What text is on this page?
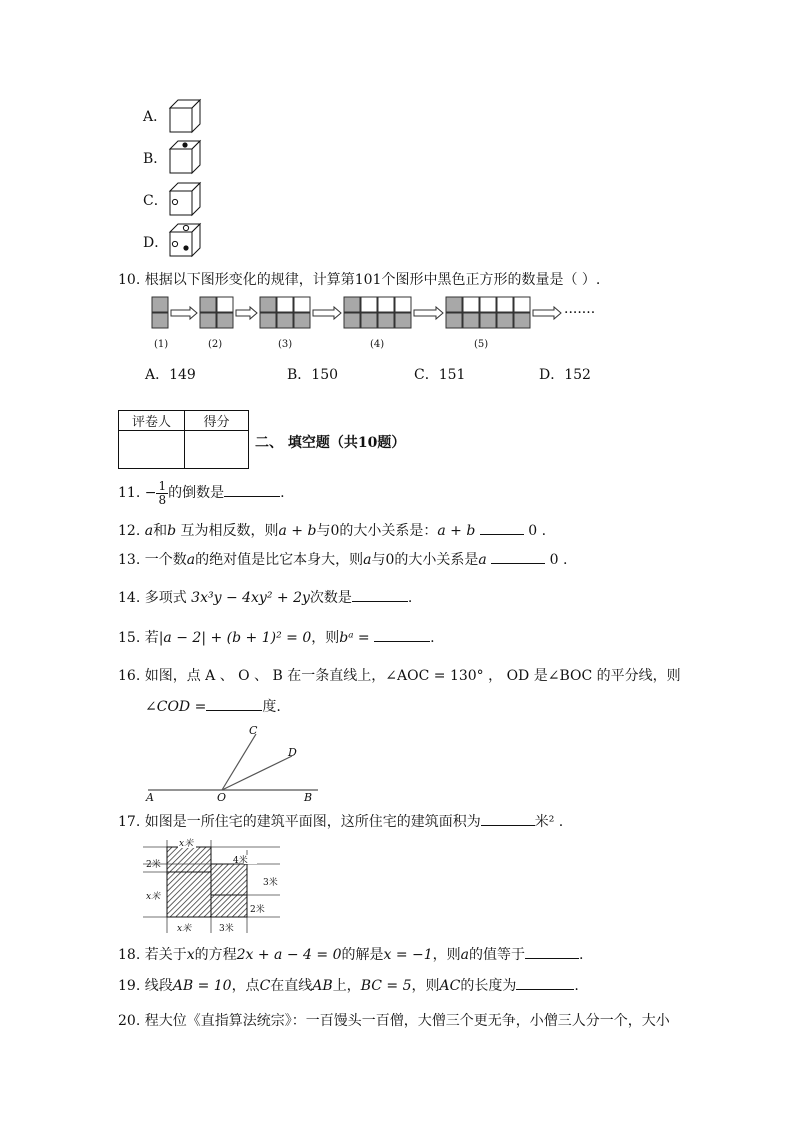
A．
B．
C．
D．
10. 根据以下图形变化的规律，计算第101个图形中黑色正方形的数量是（ ）.
·······
(1)	(2)	(3)	(4)	(5)
A．149	B．150	C．151	D．152
评卷人	得分

二、 填空题（共10题）
11. − $\frac{1}{8}$ 的倒数是	.
12. a和b 互为相反数，则a + b与0的大小关系是：a + b	0 .
13. 一个数a的绝对值是比它本身大，则a与0的大小关系是a	0 .
14. 多项式 3x³y − 4xy² + 2y次数是	.
15. 若|a − 2| + (b + 1)² = 0，则bᵃ =	.
16. 如图，点 A 、 O 、 B 在一条直线上，∠AOC = 130° ， OD 是∠BOC 的平分线，则
∠COD =	度.
A	O	B
C
D
17. 如图是一所住宅的建筑平面图，这所住宅的建筑面积为	米² .
x米
2米
x米
4米
3米
2米
x米	3米
18. 若关于x的方程2x + a − 4 = 0的解是x = −1，则a的值等于	.
19. 线段AB = 10，点C在直线AB上，BC = 5，则AC的长度为	.
20. 程大位《直指算法统宗》：一百馒头一百僧，大僧三个更无争，小僧三人分一个，大小
